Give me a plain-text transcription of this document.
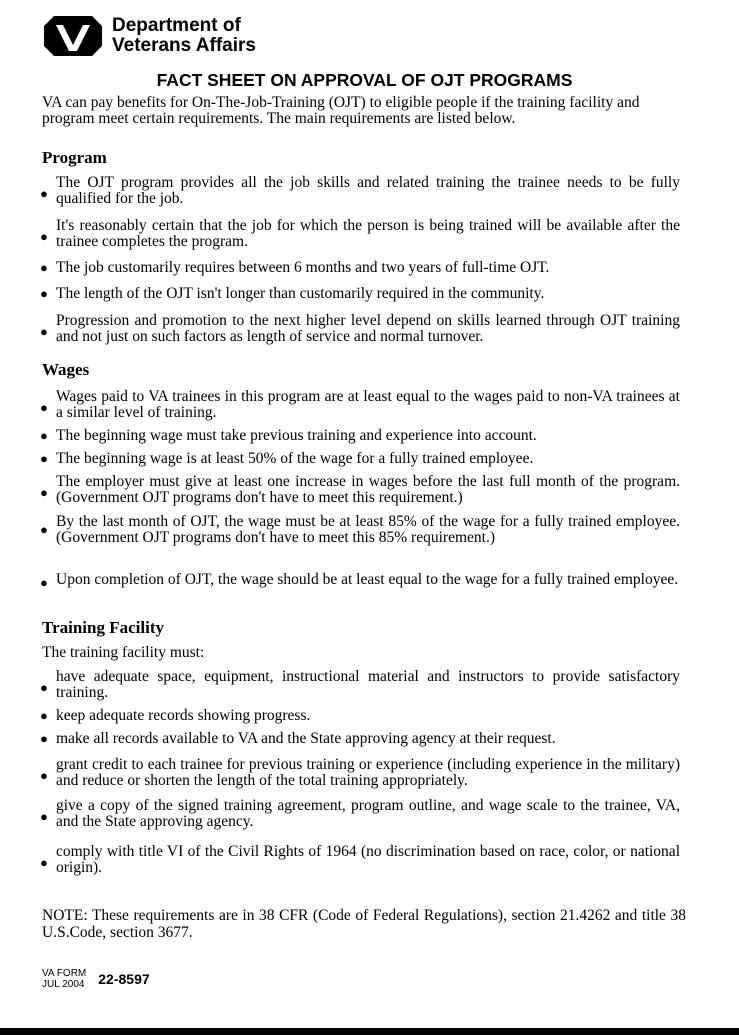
Department of
Veterans Affairs
FACT SHEET ON APPROVAL OF OJT PROGRAMS
VA can pay benefits for On-The-Job-Training (OJT) to eligible people if the training facility and program meet certain requirements. The main requirements are listed below.
Program
●
The OJT program provides all the job skills and related training the trainee needs to be fully qualified for the job.
●
It's reasonably certain that the job for which the person is being trained will be available after the trainee completes the program.
● The job customarily requires between 6 months and two years of full-time OJT.
● The length of the OJT isn't longer than customarily required in the community.
●
Progression and promotion to the next higher level depend on skills learned through OJT training and not just on such factors as length of service and normal turnover.
Wages
●
Wages paid to VA trainees in this program are at least equal to the wages paid to non-VA trainees at a similar level of training.
● The beginning wage must take previous training and experience into account.
● The beginning wage is at least 50% of the wage for a fully trained employee.
●
The employer must give at least one increase in wages before the last full month of the program. (Government OJT programs don't have to meet this requirement.)
● By the last month of OJT, the wage must be at least 85% of the wage for a fully trained employee. (Government OJT programs don't have to meet this 85% requirement.)
● Upon completion of OJT, the wage should be at least equal to the wage for a fully trained employee.
Training Facility
The training facility must:
●
have adequate space, equipment, instructional material and instructors to provide satisfactory training.
● keep adequate records showing progress.
● make all records available to VA and the State approving agency at their request.
●
grant credit to each trainee for previous training or experience (including experience in the military) and reduce or shorten the length of the total training appropriately.
●
give a copy of the signed training agreement, program outline, and wage scale to the trainee, VA, and the State approving agency.
●
comply with title VI of the Civil Rights of 1964 (no discrimination based on race, color, or national origin).
NOTE: These requirements are in 38 CFR (Code of Federal Regulations), section 21.4262 and title 38 U.S.Code, section 3677.
VA FORM
JUL 2004 22-8597
